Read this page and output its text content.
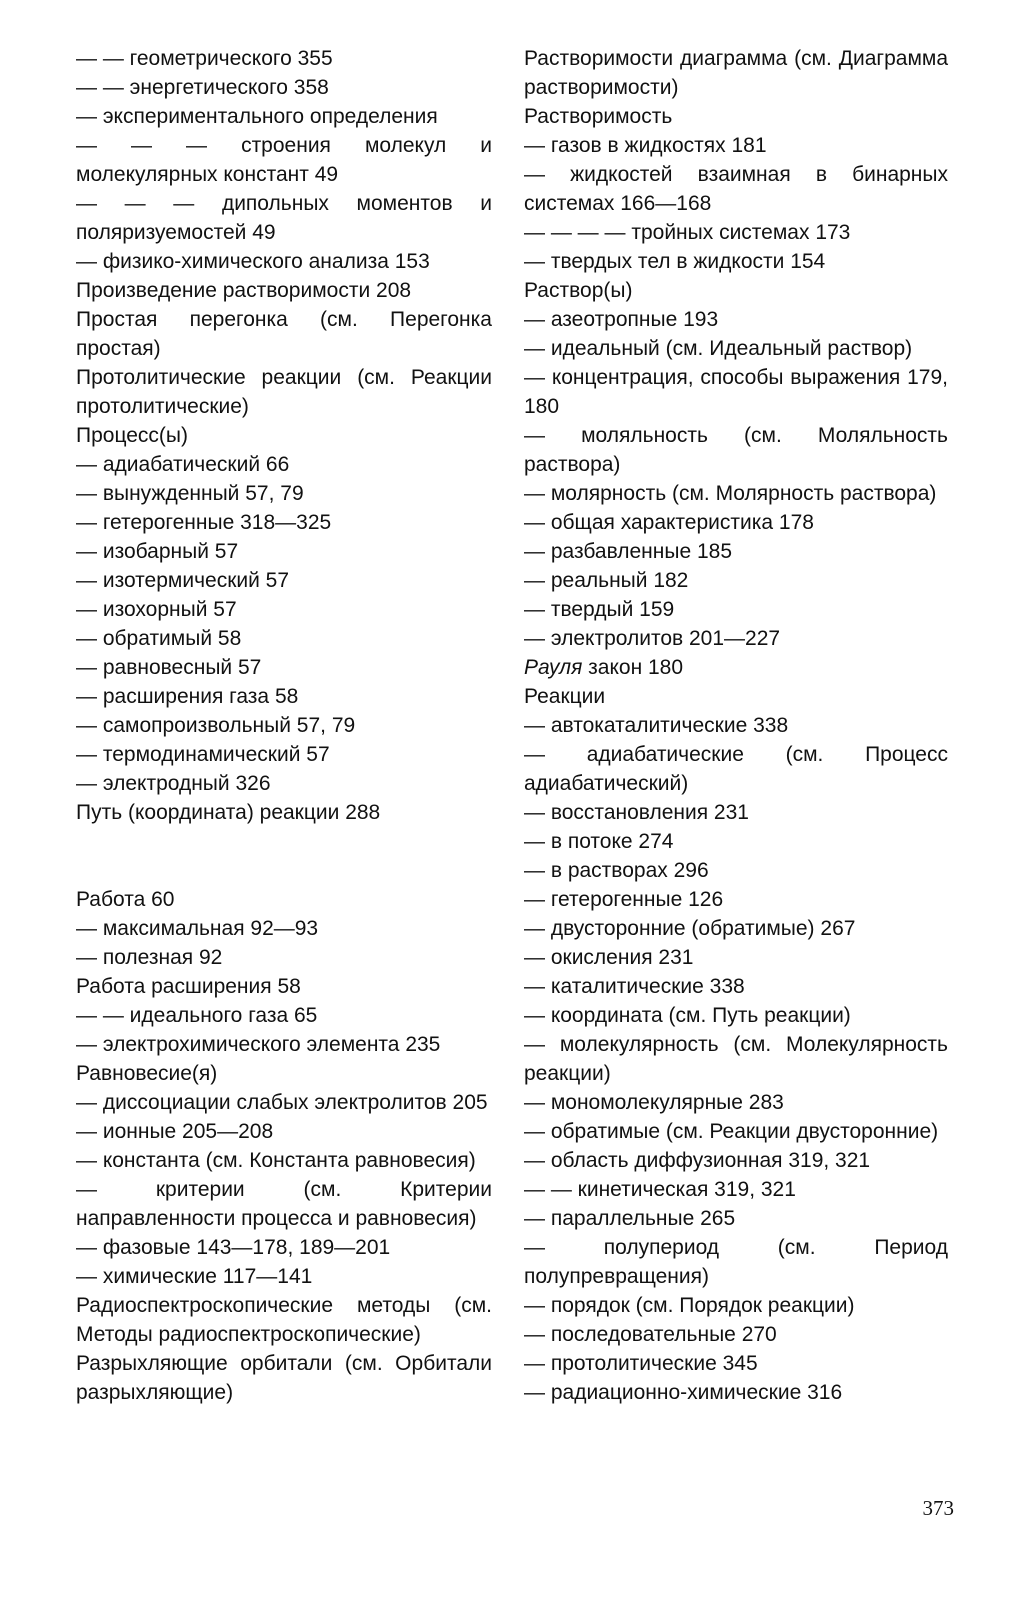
— — геометрического 355
— — энергетического 358
— экспериментального определения
— — — строения молекул и молекулярных констант 49
— — — дипольных моментов и поляризуемостей 49
— физико-химического анализа 153
Произведение растворимости 208
Простая перегонка (см. Перегонка простая)
Протолитические реакции (см. Реакции протолитические)
Процесс(ы)
— адиабатический 66
— вынужденный 57, 79
— гетерогенные 318—325
— изобарный 57
— изотермический 57
— изохорный 57
— обратимый 58
— равновесный 57
— расширения газа 58
— самопроизвольный 57, 79
— термодинамический 57
— электродный 326
Путь (координата) реакции 288
Работа 60
— максимальная 92—93
— полезная 92
Работа расширения 58
— — идеального газа 65
— электрохимического элемента 235
Равновесие(я)
— диссоциации слабых электролитов 205
— ионные 205—208
— константа (см. Константа равновесия)
— критерии (см. Критерии направленности процесса и равновесия)
— фазовые 143—178, 189—201
— химические 117—141
Радиоспектроскопические методы (см. Методы радиоспектроскопические)
Разрыхляющие орбитали (см. Орбитали разрыхляющие)
Растворимости диаграмма (см. Диаграмма растворимости)
Растворимость
— газов в жидкостях 181
— жидкостей взаимная в бинарных системах 166—168
— — — — тройных системах 173
— твердых тел в жидкости 154
Раствор(ы)
— азеотропные 193
— идеальный (см. Идеальный раствор)
— концентрация, способы выражения 179, 180
— моляльность (см. Моляльность раствора)
— молярность (см. Молярность раствора)
— общая характеристика 178
— разбавленные 185
— реальный 182
— твердый 159
— электролитов 201—227
Рауля закон 180
Реакции
— автокаталитические 338
— адиабатические (см. Процесс адиабатический)
— восстановления 231
— в потоке 274
— в растворах 296
— гетерогенные 126
— двусторонние (обратимые) 267
— окисления 231
— каталитические 338
— координата (см. Путь реакции)
— молекулярность (см. Молекулярность реакции)
— мономолекулярные 283
— обратимые (см. Реакции двусторонние)
— область диффузионная 319, 321
— — кинетическая 319, 321
— параллельные 265
— полупериод (см. Период полупревращения)
— порядок (см. Порядок реакции)
— последовательные 270
— протолитические 345
— радиационно-химические 316
373
